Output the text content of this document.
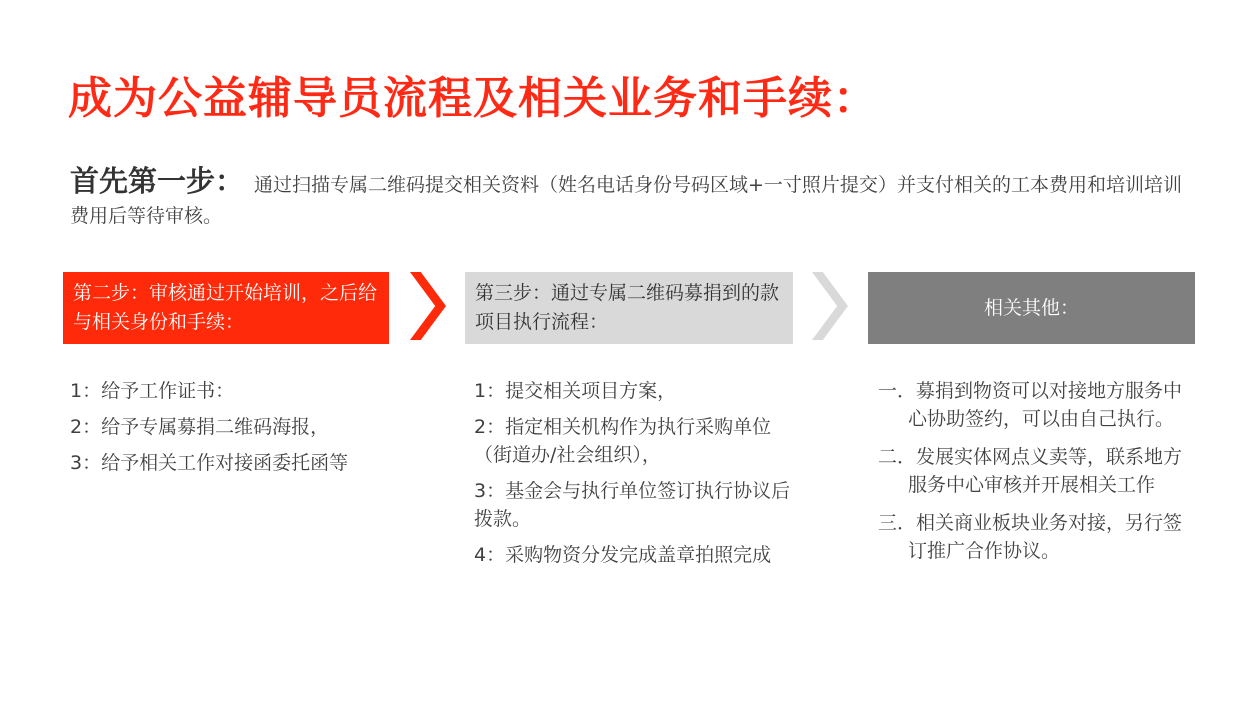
成为公益辅导员流程及相关业务和手续：
首先第一步： 通过扫描专属二维码提交相关资料（姓名电话身份号码区域+一寸照片提交）并支付相关的工本费用和培训培训费用后等待审核。
第二步：审核通过开始培训，之后给与相关身份和手续：
第三步：通过专属二维码募捐到的款项目执行流程：
相关其他：
1：给予工作证书：
2：给予专属募捐二维码海报，
3：给予相关工作对接函委托函等
1：提交相关项目方案，
2：指定相关机构作为执行采购单位（街道办/社会组织），
3：基金会与执行单位签订执行协议后拨款。
4：采购物资分发完成盖章拍照完成
一．募捐到物资可以对接地方服务中心协助签约，可以由自己执行。
二．发展实体网点义卖等，联系地方服务中心审核并开展相关工作
三．相关商业板块业务对接，另行签订推广合作协议。
